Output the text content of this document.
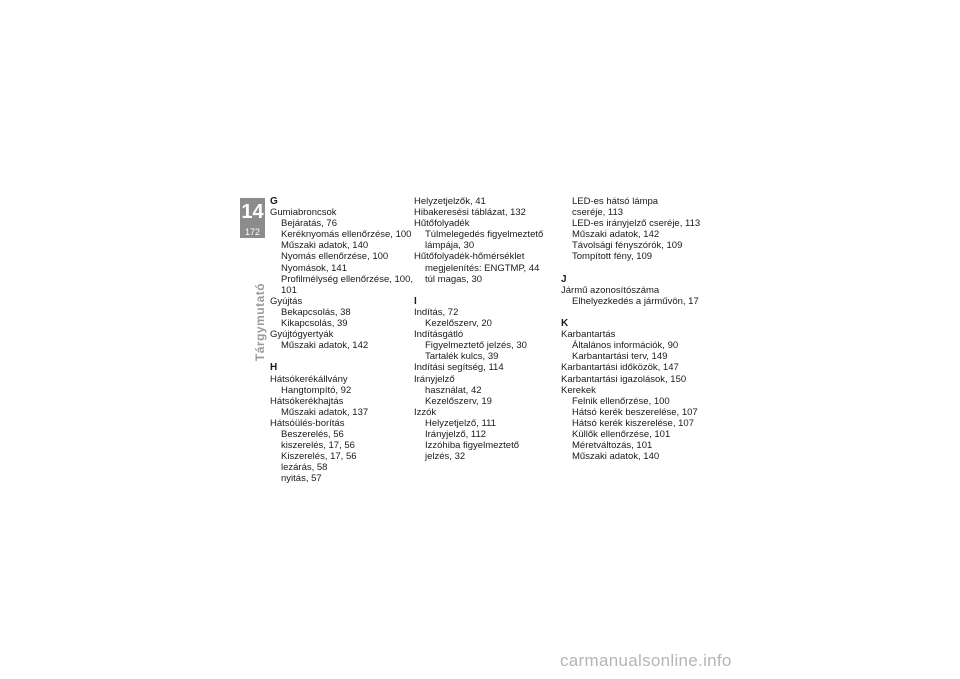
14
172
Tárgymutató
G
Gumiabroncsok
Bejáratás, 76
Keréknyomás ellenőrzése, 100
Műszaki adatok, 140
Nyomás ellenőrzése, 100
Nyomások, 141
Profilmélység ellenőrzése, 100,
101
Gyújtás
Bekapcsolás, 38
Kikapcsolás, 39
Gyújtógyertyák
Műszaki adatok, 142
H
Hátsókerékállvány
Hangtompító, 92
Hátsókerékhajtás
Műszaki adatok, 137
Hátsóülés-borítás
Beszerelés, 56
kiszerelés, 17, 56
Kiszerelés, 17, 56
lezárás, 58
nyitás, 57
Helyzetjelzők, 41
Hibakeresési táblázat, 132
Hűtőfolyadék
Túlmelegedés figyelmeztető
lámpája, 30
Hűtőfolyadék-hőmérséklet
megjelenítés: ENGTMP, 44
túl magas, 30
I
Indítás, 72
Kezelőszerv, 20
Indításgátló
Figyelmeztető jelzés, 30
Tartalék kulcs, 39
Indítási segítség, 114
Irányjelző
használat, 42
Kezelőszerv, 19
Izzók
Helyzetjelző, 111
Irányjelző, 112
Izzóhiba figyelmeztető
jelzés, 32
LED-es hátsó lámpa
cseréje, 113
LED-es irányjelző cseréje, 113
Műszaki adatok, 142
Távolsági fényszórók, 109
Tompított fény, 109
J
Jármű azonosítószáma
Elhelyezkedés a járművön, 17
K
Karbantartás
Általános információk, 90
Karbantartási terv, 149
Karbantartási időközök, 147
Karbantartási igazolások, 150
Kerekek
Felnik ellenőrzése, 100
Hátsó kerék beszerelése, 107
Hátsó kerék kiszerelése, 107
Küllők ellenőrzése, 101
Méretváltozás, 101
Műszaki adatok, 140
carmanualsonline.info
